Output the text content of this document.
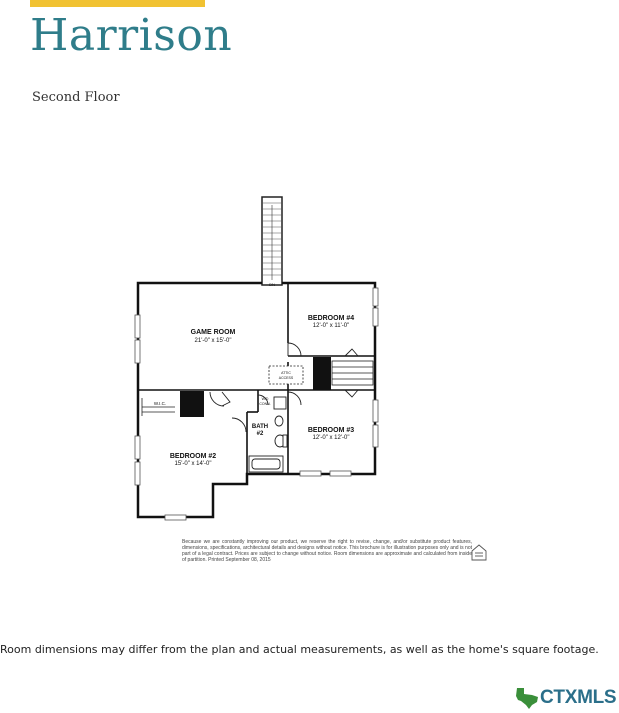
Harrison
Second Floor
GAME ROOM
21'-0" x 15'-0"
BEDROOM #4
12'-0" x 11'-0"
BEDROOM #3
12'-0" x 12'-0"
BEDROOM #2
15'-0" x 14'-0"
BATH
#2
W.I.C.
ATTIC
ACCESS
DN
W/D
CONN.
Because we are constantly improving our product, we reserve the right to revise, change, and/or substitute product features, dimensions, specifications, architectural details and designs without notice. This brochure is for illustration purposes only and is not part of a legal contract. Prices are subject to change without notice. Room dimensions are approximate and calculated from inside of partition. Printed September 08, 2015
Room dimensions may differ from the plan and actual measurements, as well as the home's square footage.
CTXMLS
